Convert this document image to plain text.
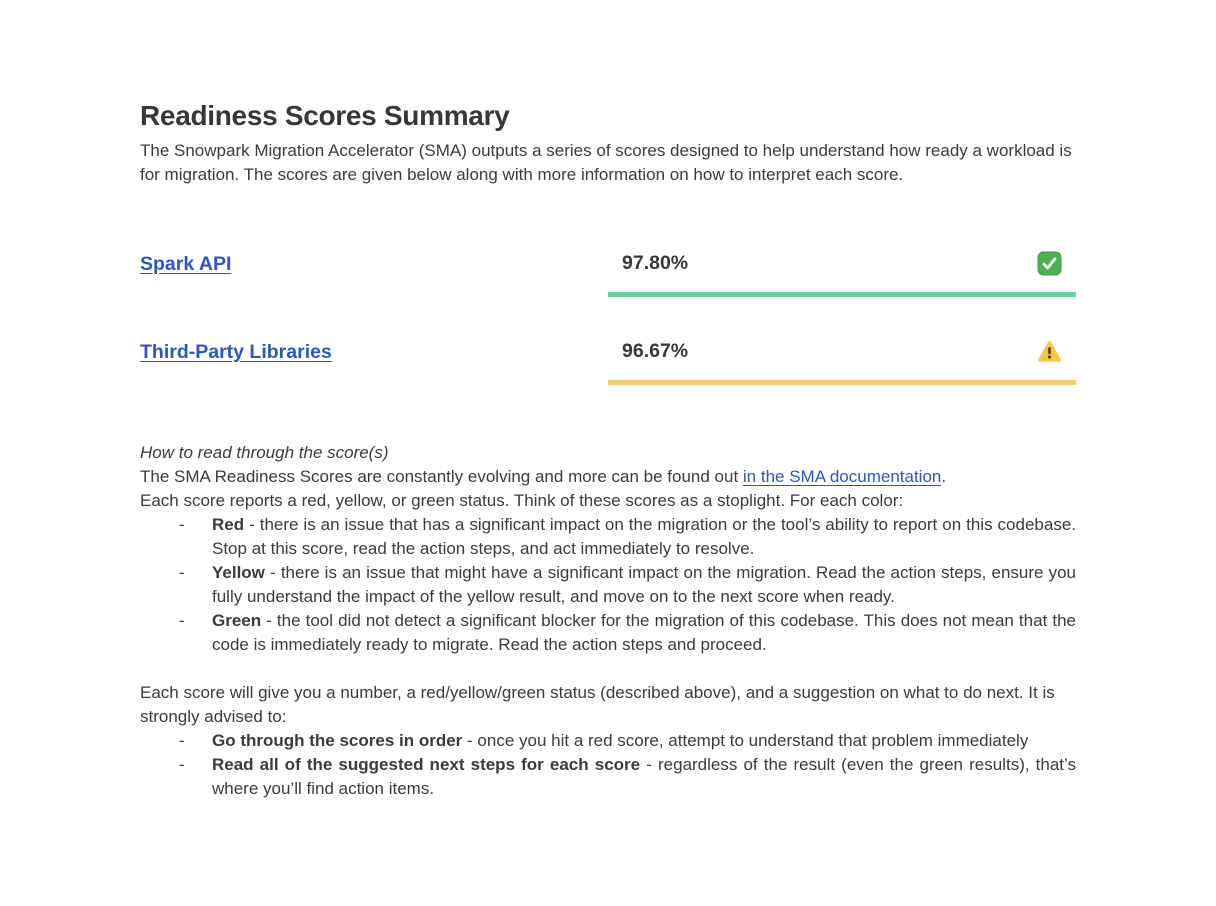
Readiness Scores Summary

The Snowpark Migration Accelerator (SMA) outputs a series of scores designed to help understand how ready a workload is for migration. The scores are given below along with more information on how to interpret each score.

Spark API	97.80%
Third-Party Libraries	96.67%

How to read through the score(s)

The SMA Readiness Scores are constantly evolving and more can be found out in the SMA documentation.

Each score reports a red, yellow, or green status. Think of these scores as a stoplight. For each color:

- Red - there is an issue that has a significant impact on the migration or the tool’s ability to report on this codebase. Stop at this score, read the action steps, and act immediately to resolve.
- Yellow - there is an issue that might have a significant impact on the migration. Read the action steps, ensure you fully understand the impact of the yellow result, and move on to the next score when ready.
- Green - the tool did not detect a significant blocker for the migration of this codebase. This does not mean that the code is immediately ready to migrate. Read the action steps and proceed.

Each score will give you a number, a red/yellow/green status (described above), and a suggestion on what to do next. It is strongly advised to:

- Go through the scores in order - once you hit a red score, attempt to understand that problem immediately
- Read all of the suggested next steps for each score - regardless of the result (even the green results), that’s where you’ll find action items.
